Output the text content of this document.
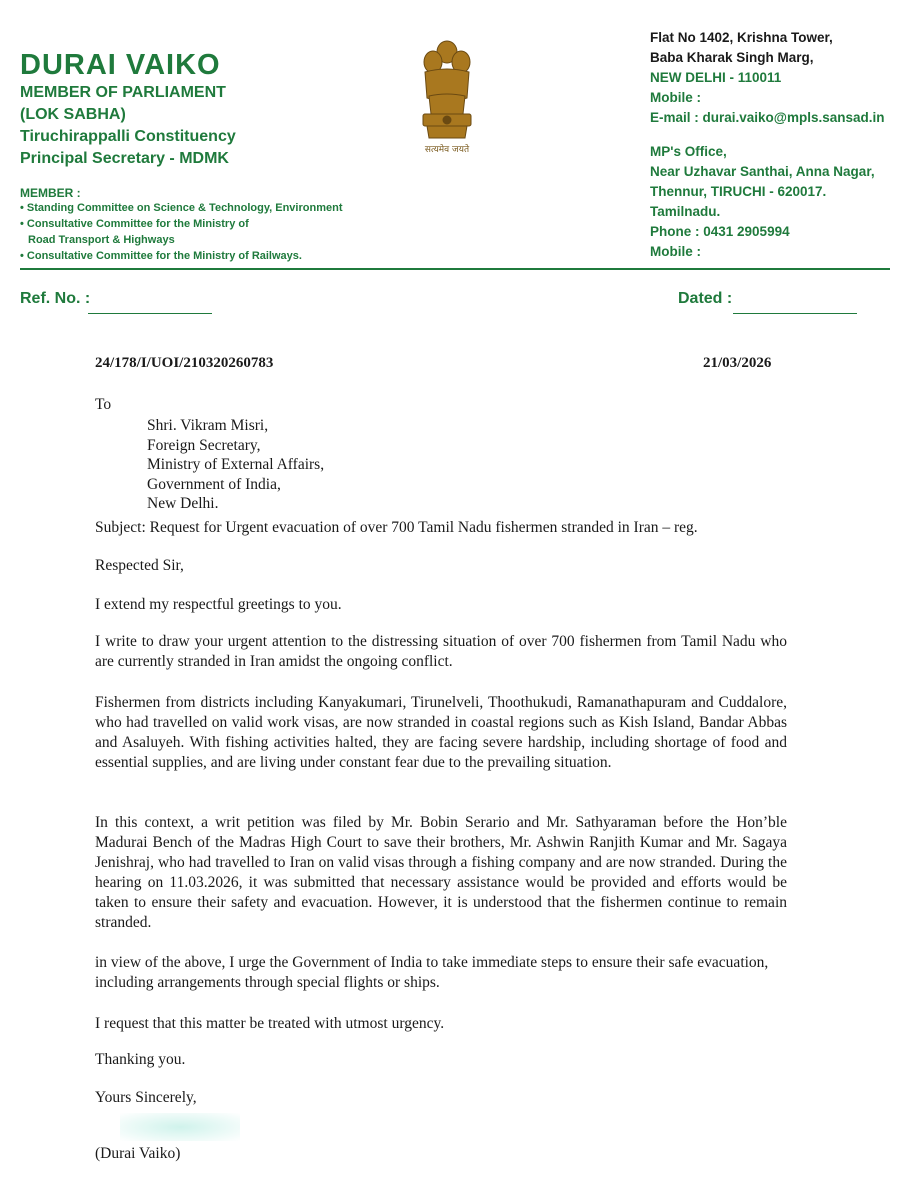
DURAI VAIKO
MEMBER OF PARLIAMENT
(LOK SABHA)
Tiruchirappalli Constituency
Principal Secretary - MDMK
MEMBER :
• Standing Committee on Science & Technology, Environment
• Consultative Committee for the Ministry of
Road Transport & Highways
• Consultative Committee for the Ministry of Railways.
सत्यमेव जयते
Flat No 1402, Krishna Tower,
Baba Kharak Singh Marg,
NEW DELHI - 110011
Mobile :
E-mail : durai.vaiko@mpls.sansad.in
MP's Office,
Near Uzhavar Santhai, Anna Nagar,
Thennur, TIRUCHI - 620017.
Tamilnadu.
Phone : 0431 2905994
Mobile :
Ref. No. :	Dated :
24/178/I/UOI/210320260783	21/03/2026
To
Shri. Vikram Misri,
Foreign Secretary,
Ministry of External Affairs,
Government of India,
New Delhi.
Subject: Request for Urgent evacuation of over 700 Tamil Nadu fishermen stranded in Iran – reg.
Respected Sir,
I extend my respectful greetings to you.
I write to draw your urgent attention to the distressing situation of over 700 fishermen from Tamil Nadu who are currently stranded in Iran amidst the ongoing conflict.
Fishermen from districts including Kanyakumari, Tirunelveli, Thoothukudi, Ramanathapuram and Cuddalore, who had travelled on valid work visas, are now stranded in coastal regions such as Kish Island, Bandar Abbas and Asaluyeh. With fishing activities halted, they are facing severe hardship, including shortage of food and essential supplies, and are living under constant fear due to the prevailing situation.
In this context, a writ petition was filed by Mr. Bobin Serario and Mr. Sathyaraman before the Hon’ble Madurai Bench of the Madras High Court to save their brothers, Mr. Ashwin Ranjith Kumar and Mr. Sagaya Jenishraj, who had travelled to Iran on valid visas through a fishing company and are now stranded. During the hearing on 11.03.2026, it was submitted that necessary assistance would be provided and efforts would be taken to ensure their safety and evacuation. However, it is understood that the fishermen continue to remain stranded.
in view of the above, I urge the Government of India to take immediate steps to ensure their safe evacuation, including arrangements through special flights or ships.
I request that this matter be treated with utmost urgency.
Thanking you.
Yours Sincerely,
(Durai Vaiko)
